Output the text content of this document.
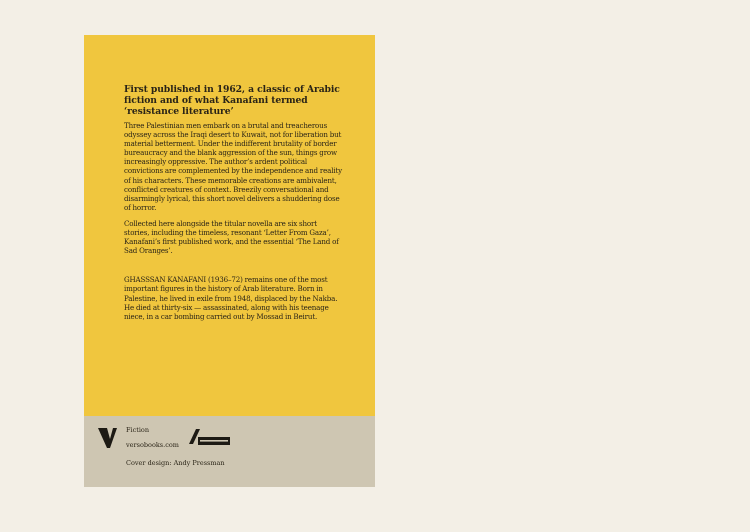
First published in 1962, a classic of Arabic fiction and of what Kanafani termed ‘resistance literature’

Three Palestinian men embark on a brutal and treacherous odyssey across the Iraqi desert to Kuwait, not for liberation but material betterment. Under the indifferent brutality of border bureaucracy and the blank aggression of the sun, things grow increasingly oppressive. The author’s ardent political convictions are complemented by the independence and reality of his characters. These memorable creations are ambivalent, conflicted creatures of context. Breezily conversational and disarmingly lyrical, this short novel delivers a shuddering dose of horror.

Collected here alongside the titular novella are six short stories, including the timeless, resonant ‘Letter From Gaza’, Kanafani’s first published work, and the essential ‘The Land of Sad Oranges’.

GHASSSAN KANAFANI (1936–72) remains one of the most important figures in the history of Arab literature. Born in Palestine, he lived in exile from 1948, displaced by the Nakba. He died at thirty-six — assassinated, along with his teenage niece, in a car bombing carried out by Mossad in Beirut.

Fiction
versobooks.com
Cover design: Andy Pressman
